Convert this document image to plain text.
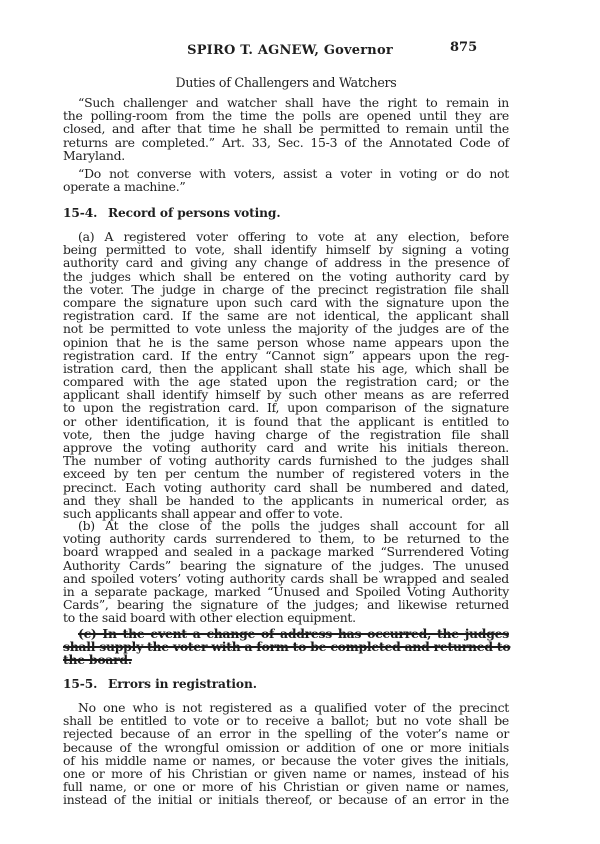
SPIRO T. AGNEW, Governor	875
Duties of Challengers and Watchers
“Such challenger and watcher shall have the right to remain in
the polling-room from the time the polls are opened until they are
closed, and after that time he shall be permitted to remain until the
returns are completed.” Art. 33, Sec. 15-3 of the Annotated Code of
Maryland.
“Do not converse with voters, assist a voter in voting or do not
operate a machine.”
15-4. Record of persons voting.
(a) A registered voter offering to vote at any election, before
being permitted to vote, shall identify himself by signing a voting
authority card and giving any change of address in the presence of
the judges which shall be entered on the voting authority card by
the voter. The judge in charge of the precinct registration file shall
compare the signature upon such card with the signature upon the
registration card. If the same are not identical, the applicant shall
not be permitted to vote unless the majority of the judges are of the
opinion that he is the same person whose name appears upon the
registration card. If the entry “Cannot sign” appears upon the reg-
istration card, then the applicant shall state his age, which shall be
compared with the age stated upon the registration card; or the
applicant shall identify himself by such other means as are referred
to upon the registration card. If, upon comparison of the signature
or other identification, it is found that the applicant is entitled to
vote, then the judge having charge of the registration file shall
approve the voting authority card and write his initials thereon.
The number of voting authority cards furnished to the judges shall
exceed by ten per centum the number of registered voters in the
precinct. Each voting authority card shall be numbered and dated,
and they shall be handed to the applicants in numerical order, as
such applicants shall appear and offer to vote.
(b) At the close of the polls the judges shall account for all
voting authority cards surrendered to them, to be returned to the
board wrapped and sealed in a package marked “Surrendered Voting
Authority Cards” bearing the signature of the judges. The unused
and spoiled voters’ voting authority cards shall be wrapped and sealed
in a separate package, marked “Unused and Spoiled Voting Authority
Cards”, bearing the signature of the judges; and likewise returned
to the said board with other election equipment.
(c) In the event a change of address has occurred, the judges
shall supply the voter with a form to be completed and returned to
the board.
15-5. Errors in registration.
No one who is not registered as a qualified voter of the precinct
shall be entitled to vote or to receive a ballot; but no vote shall be
rejected because of an error in the spelling of the voter’s name or
because of the wrongful omission or addition of one or more initials
of his middle name or names, or because the voter gives the initials,
one or more of his Christian or given name or names, instead of his
full name, or one or more of his Christian or given name or names,
instead of the initial or initials thereof, or because of an error in the
